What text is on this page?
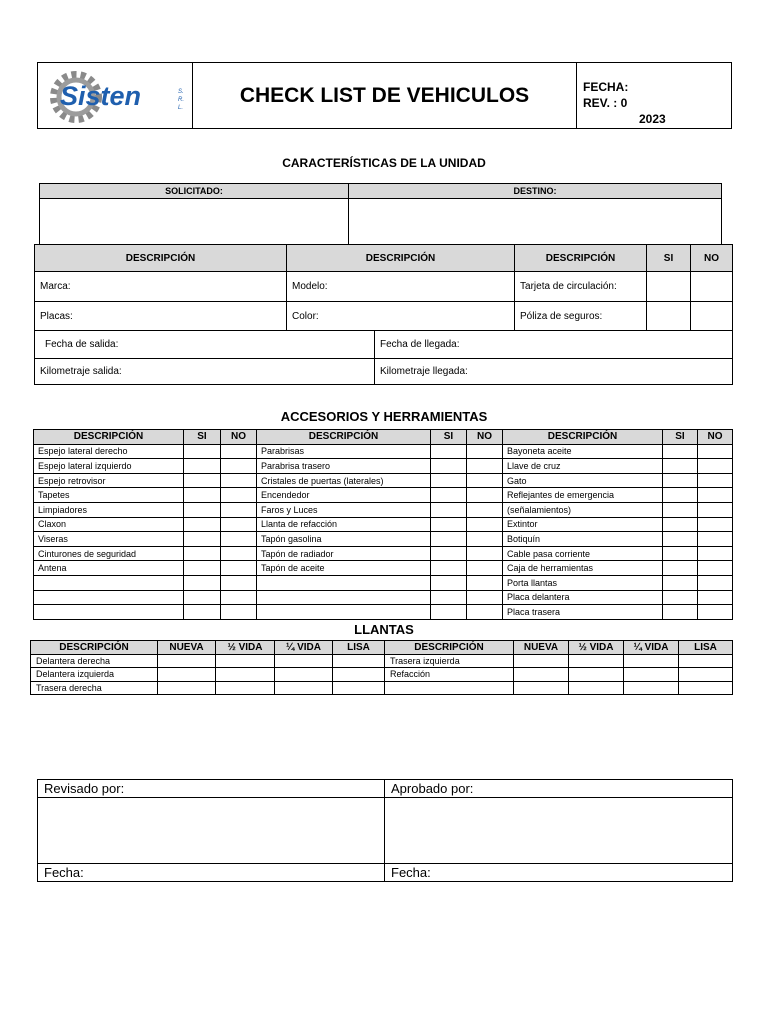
Sisten	S.
R.
L.
CHECK LIST DE VEHICULOS	FECHA:
REV. : 0
2023
CARACTERÍSTICAS DE LA UNIDAD
SOLICITADO:	DESTINO:

DESCRIPCIÓN	DESCRIPCIÓN		DESCRIPCIÓN	SI	NO
Marca:	Modelo:		Tarjeta de circulación:		
Placas:	Color:		Póliza de seguros:		
Fecha de salida:		Fecha de llegada:			
Kilometraje salida:		Kilometraje llegada:			
ACCESORIOS Y HERRAMIENTAS
DESCRIPCIÓN	SI	NO	DESCRIPCIÓN	SI	NO	DESCRIPCIÓN	SI	NO
Espejo lateral derecho			Parabrisas			Bayoneta aceite		
Espejo lateral izquierdo			Parabrisa trasero			Llave de cruz		
Espejo retrovisor			Cristales de puertas (laterales)			Gato		
Tapetes			Encendedor			Reflejantes de emergencia		
Limpiadores			Faros y Luces			(señalamientos)		
Claxon			Llanta de refacción			Extintor		
Viseras			Tapón gasolina			Botiquín		
Cinturones de seguridad			Tapón de radiador			Cable pasa corriente		
Antena			Tapón de aceite			Caja de herramientas		
						Porta llantas		
						Placa delantera		
						Placa trasera		
LLANTAS
DESCRIPCIÓN	NUEVA	½ VIDA	¼ VIDA	LISA	DESCRIPCIÓN	NUEVA	½ VIDA	¼ VIDA	LISA
Delantera derecha					Trasera izquierda				
Delantera izquierda					Refacción				
Trasera derecha									
Revisado por:	Aprobado por:

Fecha:	Fecha:
